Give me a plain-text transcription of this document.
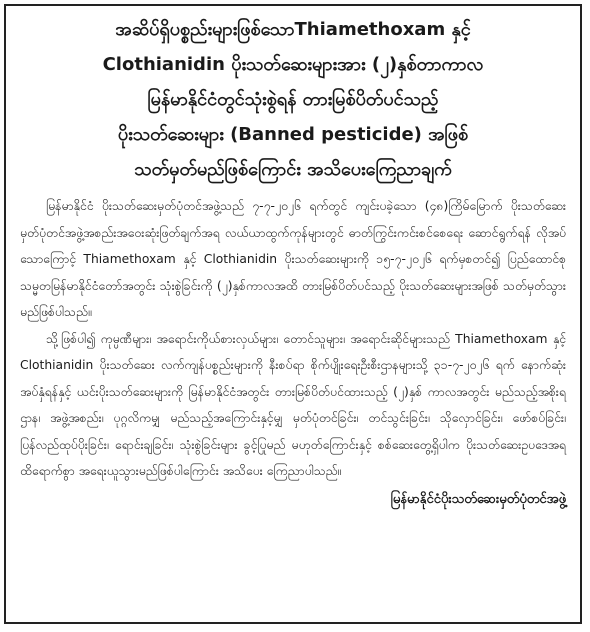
အဆိပ်ရှိပစ္စည်းများဖြစ်သောThiamethoxam နှင့်
Clothianidin ပိုးသတ်ဆေးများအား (၂)နှစ်တာကာလ
မြန်မာနိုင်ငံတွင်သုံးစွဲရန် တားမြစ်ပိတ်ပင်သည့်
ပိုးသတ်ဆေးများ (Banned pesticide) အဖြစ်
သတ်မှတ်မည်ဖြစ်ကြောင်း အသိပေးကြေညာချက်

မြန်မာနိုင်ငံ ပိုးသတ်ဆေးမှတ်ပုံတင်အဖွဲ့သည် ၇-၇-၂၀၂၆ ရက်တွင် ကျင်းပခဲ့သော (၄၈)ကြိမ်မြောက် ပိုးသတ်ဆေးမှတ်ပုံတင်အဖွဲ့အစည်းအဝေးဆုံးဖြတ်ချက်အရ လယ်ယာထွက်ကုန်များတွင် ဓာတ်ကြွင်းကင်းစင်စေရေး ဆောင်ရွက်ရန် လိုအပ်သောကြောင့် Thiamethoxam နှင့် Clothianidin ပိုးသတ်ဆေးများကို ၁၅-၇-၂၀၂၆ ရက်မှစတင်၍ ပြည်ထောင်စုသမ္မတမြန်မာနိုင်ငံတော်အတွင်း သုံးစွဲခြင်းကို (၂)နှစ်ကာလအထိ တားမြစ်ပိတ်ပင်သည့် ပိုးသတ်ဆေးများအဖြစ် သတ်မှတ်သွားမည်ဖြစ်ပါသည်။

သို့ဖြစ်ပါ၍ ကုမ္ပဏီများ၊ အရောင်းကိုယ်စားလှယ်များ၊ တောင်သူများ၊ အရောင်းဆိုင်များသည် Thiamethoxam နှင့် Clothianidin ပိုးသတ်ဆေး လက်ကျန်ပစ္စည်းများကို နီးစပ်ရာ စိုက်ပျိုးရေးဦးစီးဌာနများသို့ ၃၁-၇-၂၀၂၆ ရက် နောက်ဆုံးအပ်နှံရန်နှင့် ယင်းပိုးသတ်ဆေးများကို မြန်မာနိုင်ငံအတွင်း တားမြစ်ပိတ်ပင်ထားသည့် (၂)နှစ် ကာလအတွင်း မည်သည့်အစိုးရဌာန၊ အဖွဲ့အစည်း၊ ပုဂ္ဂလိကမျှ မည်သည့်အကြောင်းနှင့်မျှ မှတ်ပုံတင်ခြင်း၊ တင်သွင်းခြင်း၊ သိုလှောင်ခြင်း၊ ဖော်စပ်ခြင်း၊ ပြန်လည်ထုပ်ပိုးခြင်း၊ ရောင်းချခြင်း၊ သုံးစွဲခြင်းများ ခွင့်ပြုမည် မဟုတ်ကြောင်းနှင့် စစ်ဆေးတွေ့ရှိပါက ပိုးသတ်ဆေးဥပဒေအရ ထိရောက်စွာ အရေးယူသွားမည်ဖြစ်ပါကြောင်း အသိပေး ကြေညာပါသည်။

မြန်မာနိုင်ငံပိုးသတ်ဆေးမှတ်ပုံတင်အဖွဲ့
